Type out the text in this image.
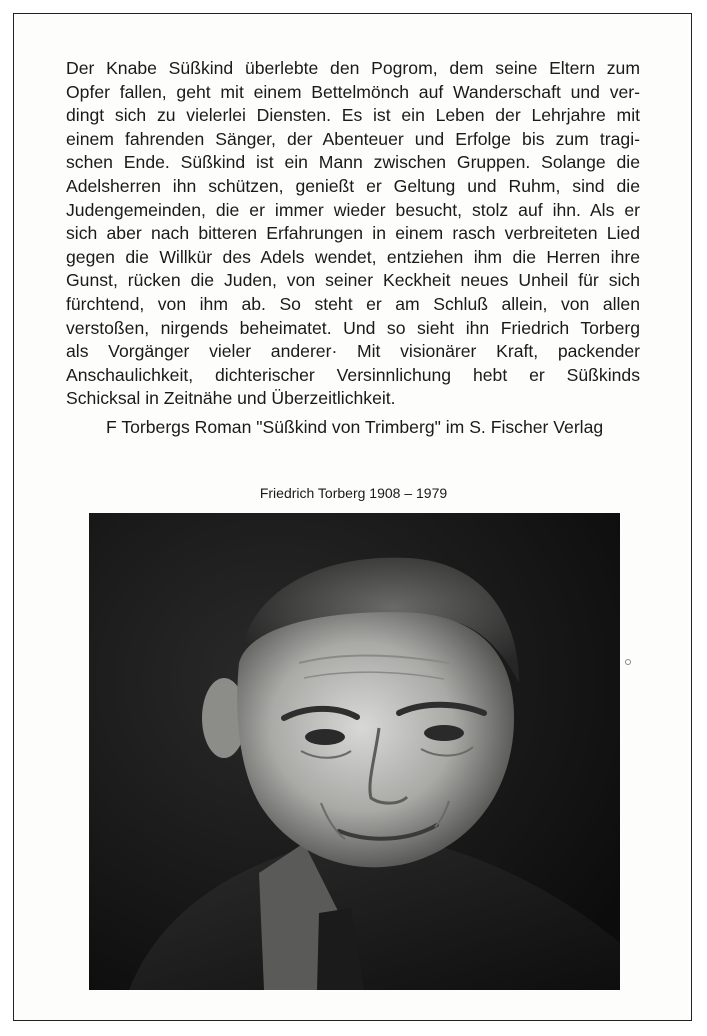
Der Knabe Süßkind überlebte den Pogrom, dem seine Eltern zum
Opfer fallen, geht mit einem Bettelmönch auf Wanderschaft und ver-
dingt sich zu vielerlei Diensten. Es ist ein Leben der Lehrjahre mit
einem fahrenden Sänger, der Abenteuer und Erfolge bis zum tragi-
schen Ende. Süßkind ist ein Mann zwischen Gruppen. Solange die
Adelsherren ihn schützen, genießt er Geltung und Ruhm, sind die
Judengemeinden, die er immer wieder besucht, stolz auf ihn. Als er
sich aber nach bitteren Erfahrungen in einem rasch verbreiteten Lied
gegen die Willkür des Adels wendet, entziehen ihm die Herren ihre
Gunst, rücken die Juden, von seiner Keckheit neues Unheil für sich
fürchtend, von ihm ab. So steht er am Schluß allein, von allen
verstoßen, nirgends beheimatet. Und so sieht ihn Friedrich Torberg
als Vorgänger vieler anderer· Mit visionärer Kraft, packender
Anschaulichkeit, dichterischer Versinnlichung hebt er Süßkinds
Schicksal in Zeitnähe und Überzeitlichkeit.

F Torbergs Roman "Süßkind von Trimberg" im S. Fischer Verlag

Friedrich Torberg 1908 – 1979
